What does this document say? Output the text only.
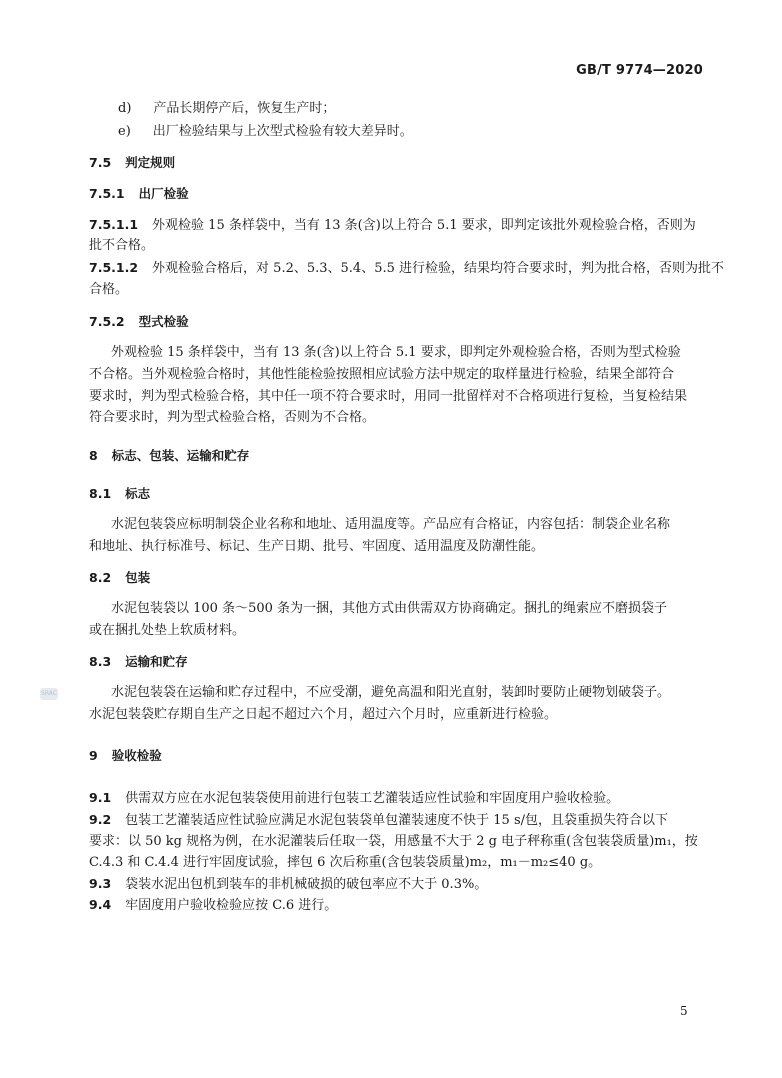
GB/T 9774—2020
d) 产品长期停产后，恢复生产时；
e) 出厂检验结果与上次型式检验有较大差异时。
7.5 判定规则
7.5.1 出厂检验
7.5.1.1 外观检验 15 条样袋中，当有 13 条(含)以上符合 5.1 要求，即判定该批外观检验合格，否则为
批不合格。
7.5.1.2 外观检验合格后，对 5.2、5.3、5.4、5.5 进行检验，结果均符合要求时，判为批合格，否则为批不
合格。
7.5.2 型式检验
外观检验 15 条样袋中，当有 13 条(含)以上符合 5.1 要求，即判定外观检验合格，否则为型式检验
不合格。当外观检验合格时，其他性能检验按照相应试验方法中规定的取样量进行检验，结果全部符合
要求时，判为型式检验合格，其中任一项不符合要求时，用同一批留样对不合格项进行复检，当复检结果
符合要求时，判为型式检验合格，否则为不合格。
8 标志、包装、运输和贮存
8.1 标志
水泥包装袋应标明制袋企业名称和地址、适用温度等。产品应有合格证，内容包括：制袋企业名称
和地址、执行标准号、标记、生产日期、批号、牢固度、适用温度及防潮性能。
8.2 包装
水泥包装袋以 100 条～500 条为一捆，其他方式由供需双方协商确定。捆扎的绳索应不磨损袋子
或在捆扎处垫上软质材料。
8.3 运输和贮存
水泥包装袋在运输和贮存过程中，不应受潮，避免高温和阳光直射，装卸时要防止硬物划破袋子。
水泥包装袋贮存期自生产之日起不超过六个月，超过六个月时，应重新进行检验。
SRAC
9 验收检验
9.1 供需双方应在水泥包装袋使用前进行包装工艺灌装适应性试验和牢固度用户验收检验。
9.2 包装工艺灌装适应性试验应满足水泥包装袋单包灌装速度不快于 15 s/包，且袋重损失符合以下
要求：以 50 kg 规格为例，在水泥灌装后任取一袋，用感量不大于 2 g 电子秤称重(含包装袋质量)m₁，按
C.4.3 和 C.4.4 进行牢固度试验，摔包 6 次后称重(含包装袋质量)m₂，m₁－m₂≤40 g。
9.3 袋装水泥出包机到装车的非机械破损的破包率应不大于 0.3%。
9.4 牢固度用户验收检验应按 C.6 进行。
5
